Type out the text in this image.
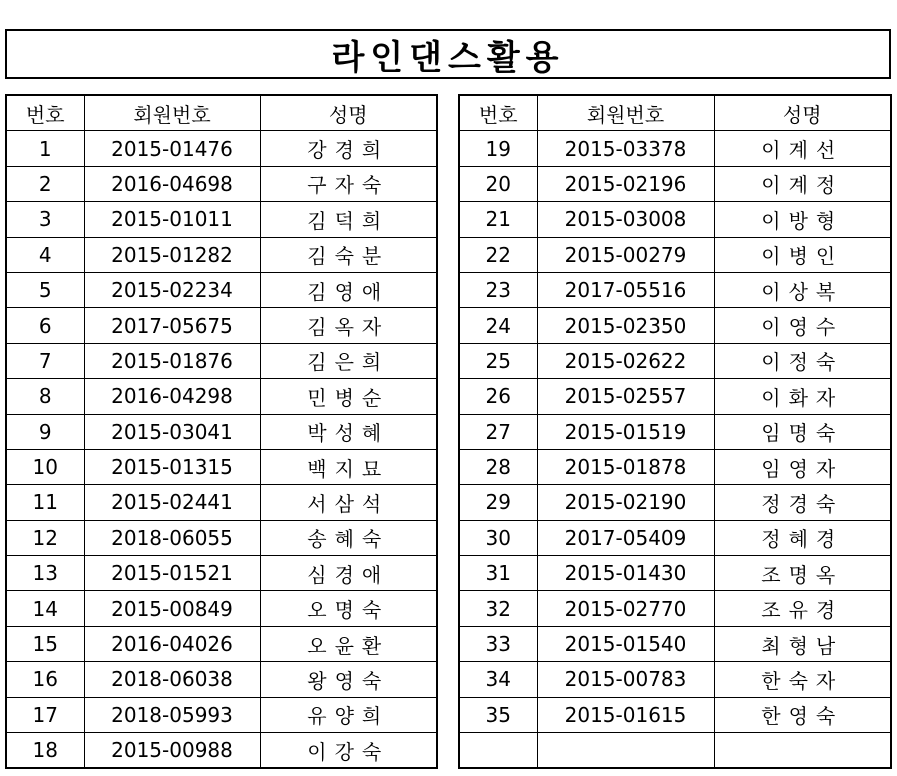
라인댄스활용
번호	회원번호	성명
1	2015-01476	강경희
2	2016-04698	구자숙
3	2015-01011	김덕희
4	2015-01282	김숙분
5	2015-02234	김영애
6	2017-05675	김옥자
7	2015-01876	김은희
8	2016-04298	민병순
9	2015-03041	박성혜
10	2015-01315	백지묘
11	2015-02441	서삼석
12	2018-06055	송혜숙
13	2015-01521	심경애
14	2015-00849	오명숙
15	2016-04026	오윤환
16	2018-06038	왕영숙
17	2018-05993	유양희
18	2015-00988	이강숙
번호	회원번호	성명
19	2015-03378	이계선
20	2015-02196	이계정
21	2015-03008	이방형
22	2015-00279	이병인
23	2017-05516	이상복
24	2015-02350	이영수
25	2015-02622	이정숙
26	2015-02557	이화자
27	2015-01519	임명숙
28	2015-01878	임영자
29	2015-02190	정경숙
30	2017-05409	정혜경
31	2015-01430	조명옥
32	2015-02770	조유경
33	2015-01540	최형남
34	2015-00783	한숙자
35	2015-01615	한영숙
